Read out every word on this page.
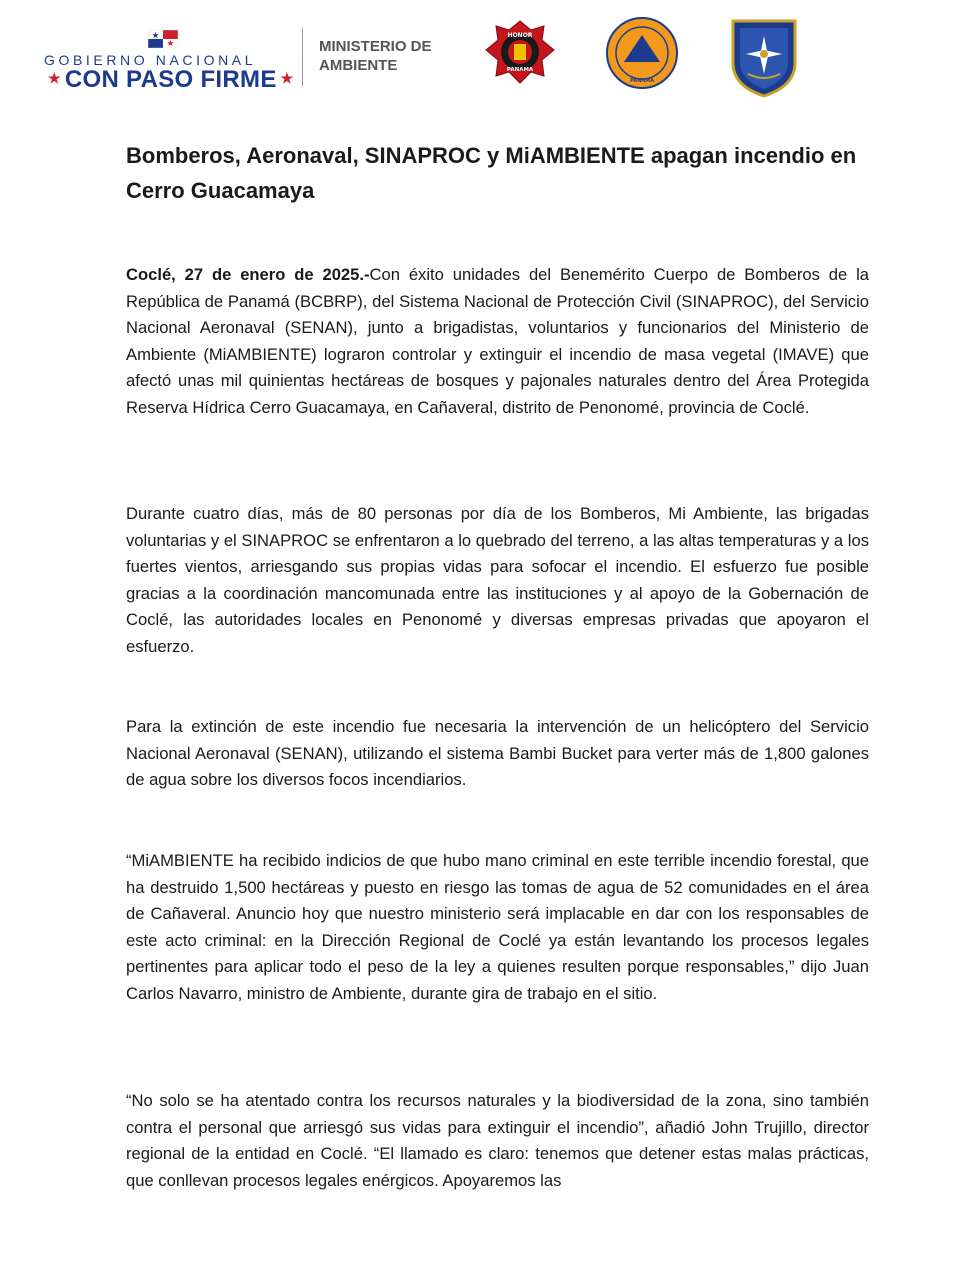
GOBIERNO NACIONAL
★ CON PASO FIRME ★
MINISTERIO DE
AMBIENTE
HONOR
PANAMA
PANAMA
Bomberos, Aeronaval, SINAPROC y MiAMBIENTE apagan incendio en Cerro Guacamaya

Coclé, 27 de enero de 2025.-Con éxito unidades del Benemérito Cuerpo de Bomberos de la República de Panamá (BCBRP), del Sistema Nacional de Protección Civil (SINAPROC), del Servicio Nacional Aeronaval (SENAN), junto a brigadistas, voluntarios y funcionarios del Ministerio de Ambiente (MiAMBIENTE) lograron controlar y extinguir el incendio de masa vegetal (IMAVE) que afectó unas mil quinientas hectáreas de bosques y pajonales naturales dentro del Área Protegida Reserva Hídrica Cerro Guacamaya, en Cañaveral, distrito de Penonomé, provincia de Coclé.

Durante cuatro días, más de 80 personas por día de los Bomberos, Mi Ambiente, las brigadas voluntarias y el SINAPROC se enfrentaron a lo quebrado del terreno, a las altas temperaturas y a los fuertes vientos, arriesgando sus propias vidas para sofocar el incendio. El esfuerzo fue posible gracias a la coordinación mancomunada entre las instituciones y al apoyo de la Gobernación de Coclé, las autoridades locales en Penonomé y diversas empresas privadas que apoyaron el esfuerzo.

Para la extinción de este incendio fue necesaria la intervención de un helicóptero del Servicio Nacional Aeronaval (SENAN), utilizando el sistema Bambi Bucket para verter más de 1,800 galones de agua sobre los diversos focos incendiarios.

“MiAMBIENTE ha recibido indicios de que hubo mano criminal en este terrible incendio forestal, que ha destruido 1,500 hectáreas y puesto en riesgo las tomas de agua de 52 comunidades en el área de Cañaveral. Anuncio hoy que nuestro ministerio será implacable en dar con los responsables de este acto criminal: en la Dirección Regional de Coclé ya están levantando los procesos legales pertinentes para aplicar todo el peso de la ley a quienes resulten porque responsables,” dijo Juan Carlos Navarro, ministro de Ambiente, durante gira de trabajo en el sitio.

“No solo se ha atentado contra los recursos naturales y la biodiversidad de la zona, sino también contra el personal que arriesgó sus vidas para extinguir el incendio”, añadió John Trujillo, director regional de la entidad en Coclé. “El llamado es claro: tenemos que detener estas malas prácticas, que conllevan procesos legales enérgicos. Apoyaremos las
